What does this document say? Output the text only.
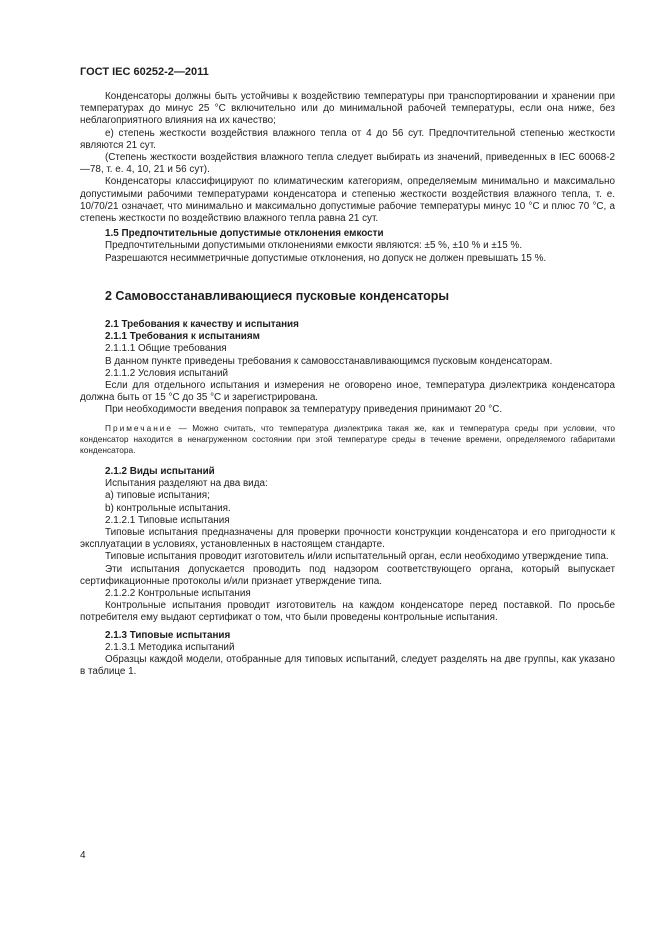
ГОСТ IEC 60252-2—2011

Конденсаторы должны быть устойчивы к воздействию температуры при транспортировании и хранении при температурах до минус 25 °С включительно или до минимальной рабочей температуры, если она ниже, без неблагоприятного влияния на их качество;

е) степень жесткости воздействия влажного тепла от 4 до 56 сут. Предпочтительной степенью жесткости являются 21 сут.

(Степень жесткости воздействия влажного тепла следует выбирать из значений, приведенных в IEC 60068-2—78, т. е. 4, 10, 21 и 56 сут).

Конденсаторы классифицируют по климатическим категориям, определяемым минимально и максимально допустимыми рабочими температурами конденсатора и степенью жесткости воздействия влажного тепла, т. е. 10/70/21 означает, что минимально и максимально допустимые рабочие температуры минус 10 °С и плюс 70 °С, а степень жесткости по воздействию влажного тепла равна 21 сут.

1.5 Предпочтительные допустимые отклонения емкости

Предпочтительными допустимыми отклонениями емкости являются: ±5 %, ±10 % и ±15 %.

Разрешаются несимметричные допустимые отклонения, но допуск не должен превышать 15 %.

2 Самовосстанавливающиеся пусковые конденсаторы

2.1 Требования к качеству и испытания

2.1.1 Требования к испытаниям

2.1.1.1 Общие требования

В данном пункте приведены требования к самовосстанавливающимся пусковым конденсаторам.

2.1.1.2 Условия испытаний

Если для отдельного испытания и измерения не оговорено иное, температура диэлектрика конденсатора должна быть от 15 °С до 35 °С и зарегистрирована.

При необходимости введения поправок за температуру приведения принимают 20 °С.

Примечание — Можно считать, что температура диэлектрика такая же, как и температура среды при условии, что конденсатор находится в ненагруженном состоянии при этой температуре среды в течение времени, определяемого габаритами конденсатора.

2.1.2 Виды испытаний

Испытания разделяют на два вида:

а) типовые испытания;

b) контрольные испытания.

2.1.2.1 Типовые испытания

Типовые испытания предназначены для проверки прочности конструкции конденсатора и его пригодности к эксплуатации в условиях, установленных в настоящем стандарте.

Типовые испытания проводит изготовитель и/или испытательный орган, если необходимо утверждение типа.

Эти испытания допускается проводить под надзором соответствующего органа, который выпускает сертификационные протоколы и/или признает утверждение типа.

2.1.2.2 Контрольные испытания

Контрольные испытания проводит изготовитель на каждом конденсаторе перед поставкой. По просьбе потребителя ему выдают сертификат о том, что были проведены контрольные испытания.

2.1.3 Типовые испытания

2.1.3.1 Методика испытаний

Образцы каждой модели, отобранные для типовых испытаний, следует разделять на две группы, как указано в таблице 1.

4
